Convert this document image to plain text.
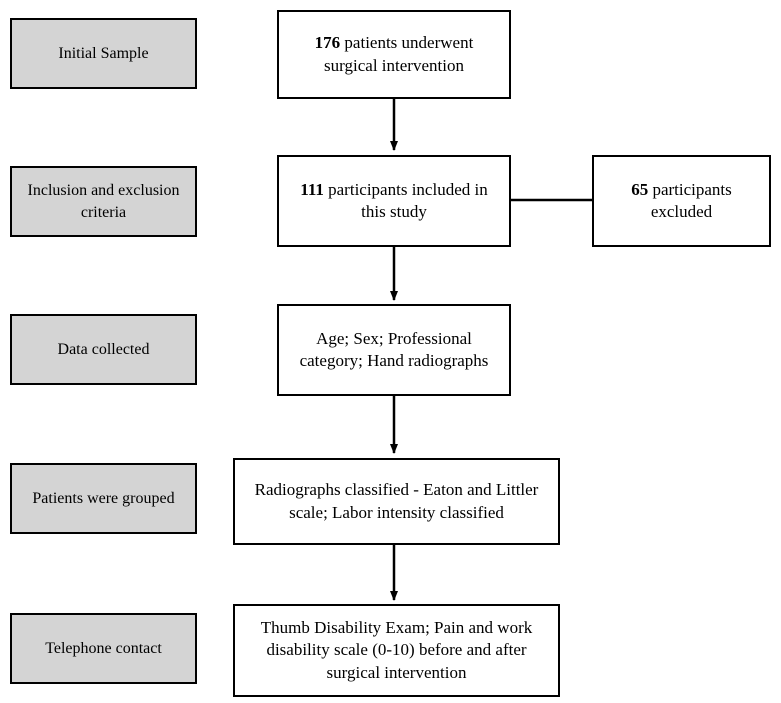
Initial Sample
Inclusion and exclusion criteria
Data collected
Patients were grouped
Telephone contact
176 patients underwent surgical intervention
111 participants included in this study
65 participants excluded
Age; Sex; Professional category; Hand radiographs
Radiographs classified - Eaton and Littler scale; Labor intensity classified
Thumb Disability Exam; Pain and work disability scale (0-10) before and after surgical intervention
